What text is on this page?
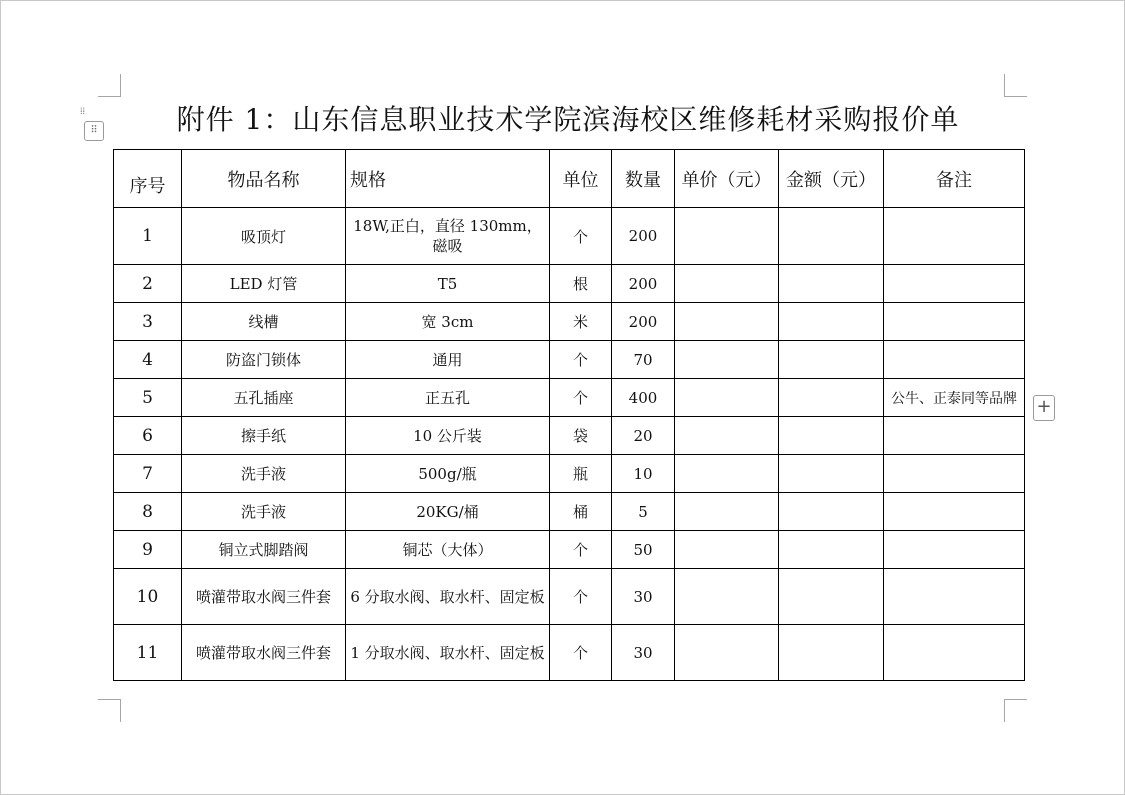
⁞⁞
⠿	附件 1：山东信息职业技术学院滨海校区维修耗材采购报价单
序号	物品名称	规格	单位	数量	单价（元）	金额（元）	备注
1	吸顶灯	18W,正白，直径 130mm，磁吸	个	200			
2	LED 灯管	T5	根	200			
3	线槽	宽 3cm	米	200			
4	防盗门锁体	通用	个	70			
5	五孔插座	正五孔	个	400			公牛、正泰同等品牌
6	擦手纸	10 公斤装	袋	20			
7	洗手液	500g/瓶	瓶	10			
8	洗手液	20KG/桶	桶	5			
9	铜立式脚踏阀	铜芯（大体）	个	50			
10	喷灌带取水阀三件套	6 分取水阀、取水杆、固定板	个	30			
11	喷灌带取水阀三件套	1 分取水阀、取水杆、固定板	个	30			
+
